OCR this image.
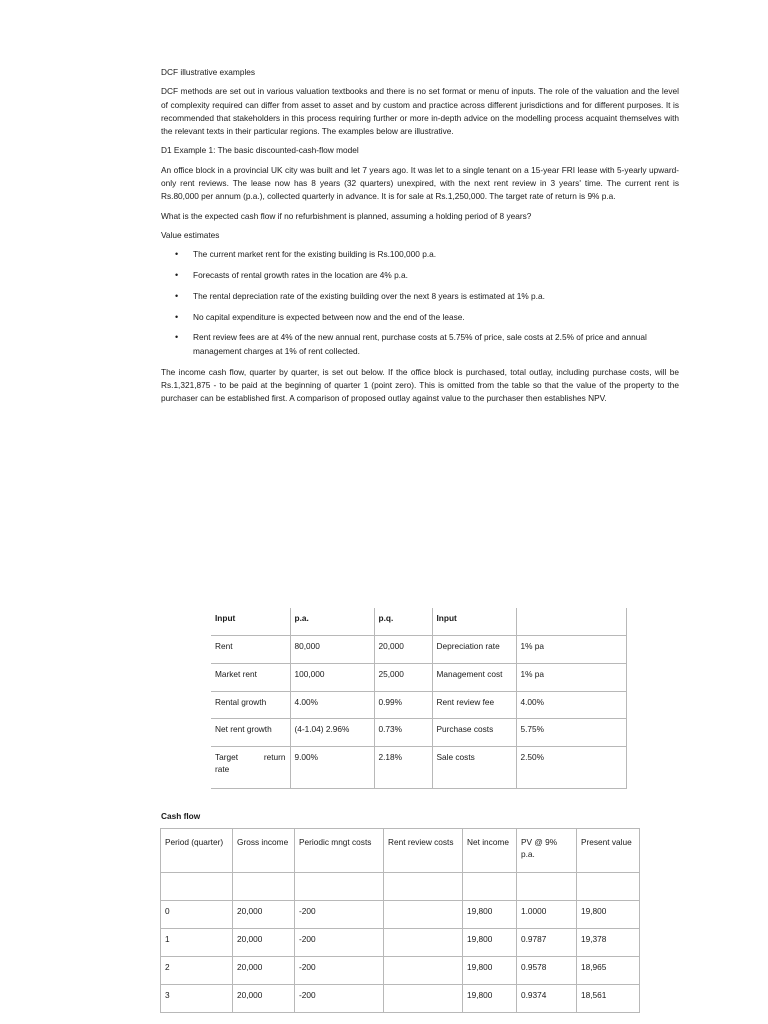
DCF illustrative examples

DCF methods are set out in various valuation textbooks and there is no set format or menu of inputs. The role of the valuation and the level of complexity required can differ from asset to asset and by custom and practice across different jurisdictions and for different purposes. It is recommended that stakeholders in this process requiring further or more in-depth advice on the modelling process acquaint themselves with the relevant texts in their particular regions. The examples below are illustrative.

D1 Example 1: The basic discounted-cash-flow model

An office block in a provincial UK city was built and let 7 years ago. It was let to a single tenant on a 15-year FRI lease with 5-yearly upward-only rent reviews. The lease now has 8 years (32 quarters) unexpired, with the next rent review in 3 years' time. The current rent is Rs.80,000 per annum (p.a.), collected quarterly in advance. It is for sale at Rs.1,250,000. The target rate of return is 9% p.a.

What is the expected cash flow if no refurbishment is planned, assuming a holding period of 8 years?

Value estimates

• The current market rent for the existing building is Rs.100,000 p.a.
• Forecasts of rental growth rates in the location are 4% p.a.
• The rental depreciation rate of the existing building over the next 8 years is estimated at 1% p.a.
• No capital expenditure is expected between now and the end of the lease.
• Rent review fees are at 4% of the new annual rent, purchase costs at 5.75% of price, sale costs at 2.5% of price and annual management charges at 1% of rent collected.

The income cash flow, quarter by quarter, is set out below. If the office block is purchased, total outlay, including purchase costs, will be Rs.1,321,875 - to be paid at the beginning of quarter 1 (point zero). This is omitted from the table so that the value of the property to the purchaser can be established first. A comparison of proposed outlay against value to the purchaser then establishes NPV.

Input	p.a.	p.q.	Input	
Rent	80,000	20,000	Depreciation rate	1% pa
Market rent	100,000	25,000	Management cost	1% pa
Rental growth	4.00%	0.99%	Rent review fee	4.00%
Net rent growth	(4-1.04) 2.96%	0.73%	Purchase costs	5.75%

Target return
rate	9.00%	2.18%	Sale costs	2.50%
Cash flow
Period (quarter)	Gross income	Periodic mngt costs	Rent review costs	Net income	PV @ 9% p.a.	Present value

0	20,000	-200		19,800	1.0000	19,800
1	20,000	-200		19,800	0.9787	19,378
2	20,000	-200		19,800	0.9578	18,965
3	20,000	-200		19,800	0.9374	18,561
